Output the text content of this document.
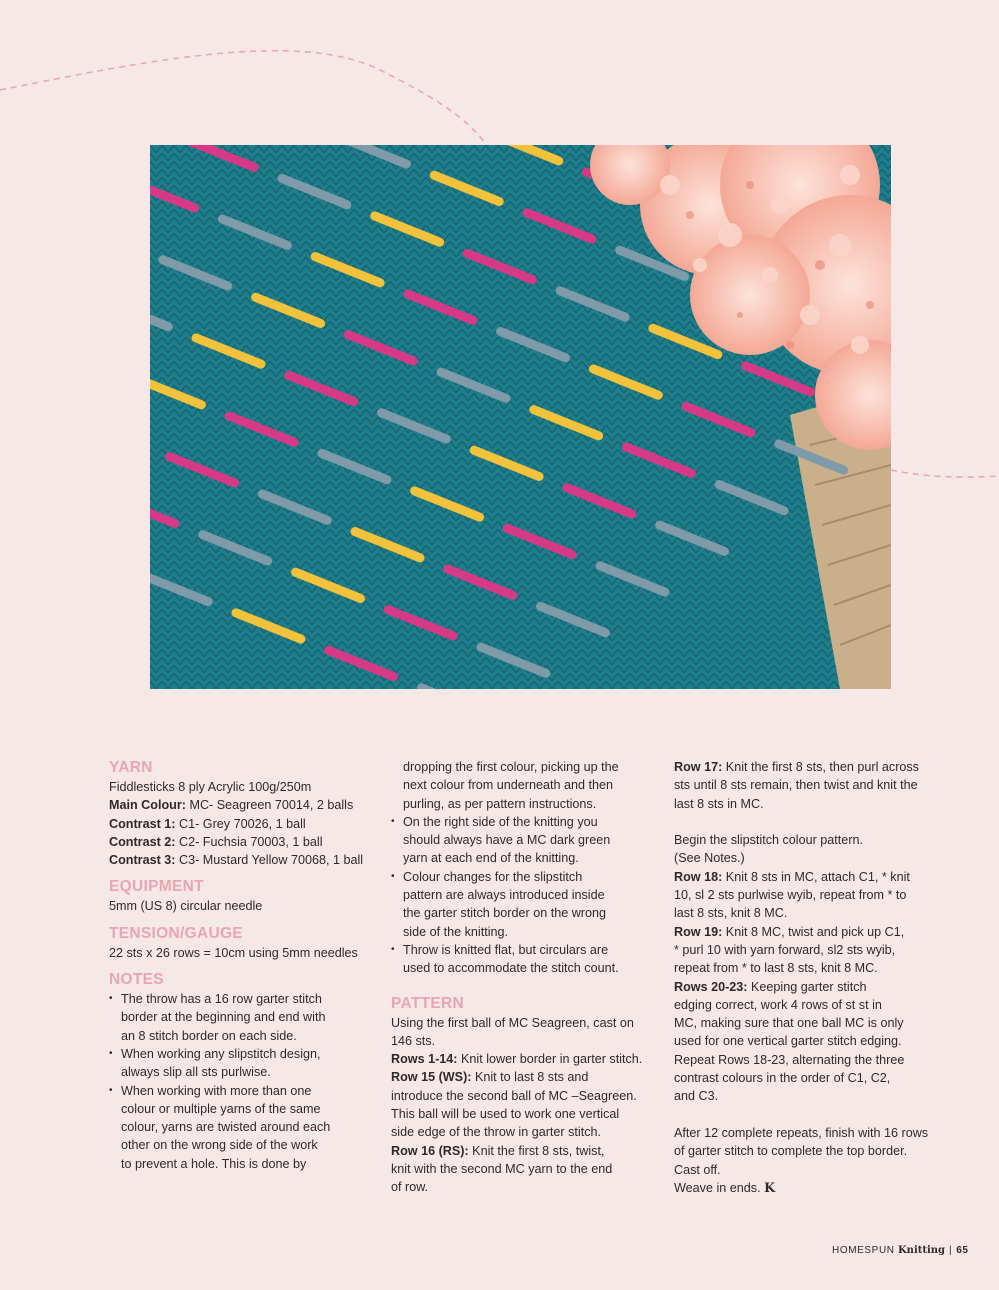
YARN
Fiddlesticks 8 ply Acrylic 100g/250m
Main Colour: MC- Seagreen 70014, 2 balls
Contrast 1: C1- Grey 70026, 1 ball
Contrast 2: C2- Fuchsia 70003, 1 ball
Contrast 3: C3- Mustard Yellow 70068, 1 ball
EQUIPMENT
5mm (US 8) circular needle
TENSION/GAUGE
22 sts x 26 rows = 10cm using 5mm needles
NOTES
• The throw has a 16 row garter stitch
border at the beginning and end with
an 8 stitch border on each side.
• When working any slipstitch design,
always slip all sts purlwise.
• When working with more than one
colour or multiple yarns of the same
colour, yarns are twisted around each
other on the wrong side of the work
to prevent a hole. This is done by
dropping the first colour, picking up the
next colour from underneath and then
purling, as per pattern instructions.
• On the right side of the knitting you
should always have a MC dark green
yarn at each end of the knitting.
• Colour changes for the slipstitch
pattern are always introduced inside
the garter stitch border on the wrong
side of the knitting.
• Throw is knitted flat, but circulars are
used to accommodate the stitch count.
PATTERN
Using the first ball of MC Seagreen, cast on
146 sts.
Rows 1-14: Knit lower border in garter stitch.
Row 15 (WS): Knit to last 8 sts and
introduce the second ball of MC –Seagreen.
This ball will be used to work one vertical
side edge of the throw in garter stitch.
Row 16 (RS): Knit the first 8 sts, twist,
knit with the second MC yarn to the end
of row.
Row 17: Knit the first 8 sts, then purl across
sts until 8 sts remain, then twist and knit the
last 8 sts in MC.
Begin the slipstitch colour pattern.
(See Notes.)
Row 18: Knit 8 sts in MC, attach C1, * knit
10, sl 2 sts purlwise wyib, repeat from * to
last 8 sts, knit 8 MC.
Row 19: Knit 8 MC, twist and pick up C1,
* purl 10 with yarn forward, sl2 sts wyib,
repeat from * to last 8 sts, knit 8 MC.
Rows 20-23: Keeping garter stitch
edging correct, work 4 rows of st st in
MC, making sure that one ball MC is only
used for one vertical garter stitch edging.
Repeat Rows 18-23, alternating the three
contrast colours in the order of C1, C2,
and C3.
After 12 complete repeats, finish with 16 rows
of garter stitch to complete the top border.
Cast off.
Weave in ends. K
HOMESPUN Knitting | 65
